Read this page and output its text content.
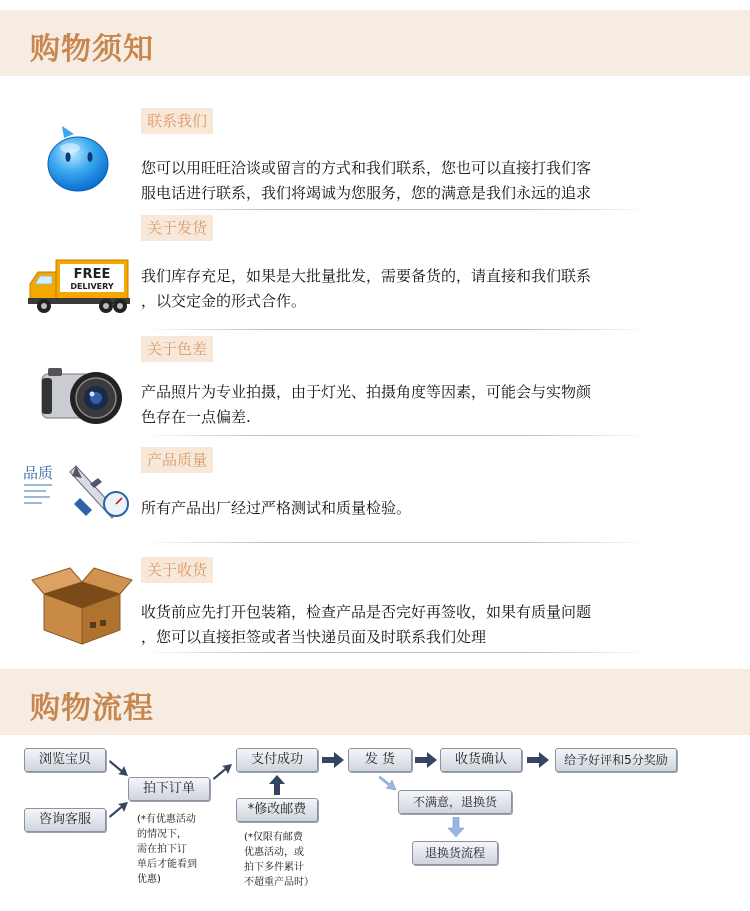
购物须知
联系我们
您可以用旺旺洽谈或留言的方式和我们联系，您也可以直接打我们客
服电话进行联系，我们将竭诚为您服务，您的满意是我们永远的追求
FREE
DELIVERY
关于发货
我们库存充足，如果是大批量批发，需要备货的，请直接和我们联系
，以交定金的形式合作。
关于色差
产品照片为专业拍摄，由于灯光、拍摄角度等因素，可能会与实物颜
色存在一点偏差.
品质
产品质量
所有产品出厂经过严格测试和质量检验。
关于收货
收货前应先打开包装箱，检查产品是否完好再签收，如果有质量问题
，您可以直接拒签或者当快递员面及时联系我们处理
购物流程
浏览宝贝
咨询客服
拍下订单
(*有优惠活动
的情况下，
需在拍下订
单后才能看到
优惠)
支付成功
*修改邮费
(*仅限有邮费
优惠活动，或
拍下多件累计
不超重产品时）
发 货	收货确认	给予好评和5分奖励
不满意，退换货
退换货流程
